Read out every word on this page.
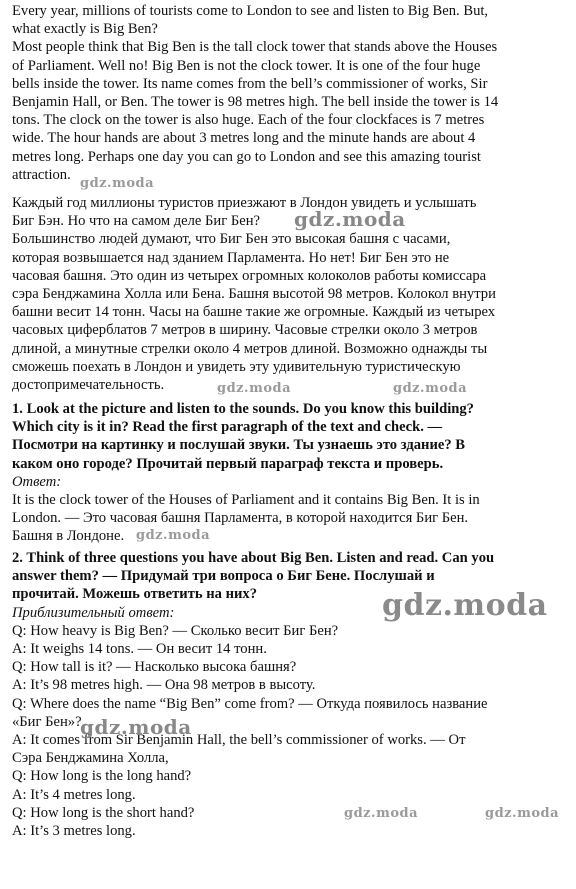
Every year, millions of tourists come to London to see and listen to Big Ben. But,
what exactly is Big Ben?
Most people think that Big Ben is the tall clock tower that stands above the Houses
of Parliament. Well no! Big Ben is not the clock tower. It is one of the four huge
bells inside the tower. Its name comes from the bell’s commissioner of works, Sir
Benjamin Hall, or Ben. The tower is 98 metres high. The bell inside the tower is 14
tons. The clock on the tower is also huge. Each of the four clockfaces is 7 metres
wide. The hour hands are about 3 metres long and the minute hands are about 4
metres long. Perhaps one day you can go to London and see this amazing tourist
attraction.
Каждый год миллионы туристов приезжают в Лондон увидеть и услышать
Биг Бэн. Но что на самом деле Биг Бен?
Большинство людей думают, что Биг Бен это высокая башня с часами,
которая возвышается над зданием Парламента. Но нет! Биг Бен это не
часовая башня. Это один из четырех огромных колоколов работы комиссара
сэра Бенджамина Холла или Бена. Башня высотой 98 метров. Колокол внутри
башни весит 14 тонн. Часы на башне такие же огромные. Каждый из четырех
часовых циферблатов 7 метров в ширину. Часовые стрелки около 3 метров
длиной, а минутные стрелки около 4 метров длиной. Возможно однажды ты
сможешь поехать в Лондон и увидеть эту удивительную туристическую
достопримечательность.
1. Look at the picture and listen to the sounds. Do you know this building?
Which city is it in? Read the first paragraph of the text and check. —
Посмотри на картинку и послушай звуки. Ты узнаешь это здание? В
каком оно городе? Прочитай первый параграф текста и проверь.
Ответ:
It is the clock tower of the Houses of Parliament and it contains Big Ben. It is in
London. — Это часовая башня Парламента, в которой находится Биг Бен.
Башня в Лондоне.
2. Think of three questions you have about Big Ben. Listen and read. Can you
answer them? — Придумай три вопроса о Биг Бене. Послушай и
прочитай. Можешь ответить на них?
Приблизительный ответ:
Q: How heavy is Big Ben? — Сколько весит Биг Бен?
A: It weighs 14 tons. — Он весит 14 тонн.
Q: How tall is it? — Насколько высока башня?
A: It’s 98 metres high. — Она 98 метров в высоту.
Q: Where does the name “Big Ben” come from? — Откуда появилось название
«Биг Бен»?
A: It comes from Sir Benjamin Hall, the bell’s commissioner of works. — От
Сэра Бенджамина Холла,
Q: How long is the long hand?
A: It’s 4 metres long.
Q: How long is the short hand?
A: It’s 3 metres long.
gdz.moda
gdz.moda
gdz.moda	gdz.moda
gdz.moda
gdz.moda
gdz.moda
gdz.moda	gdz.moda
